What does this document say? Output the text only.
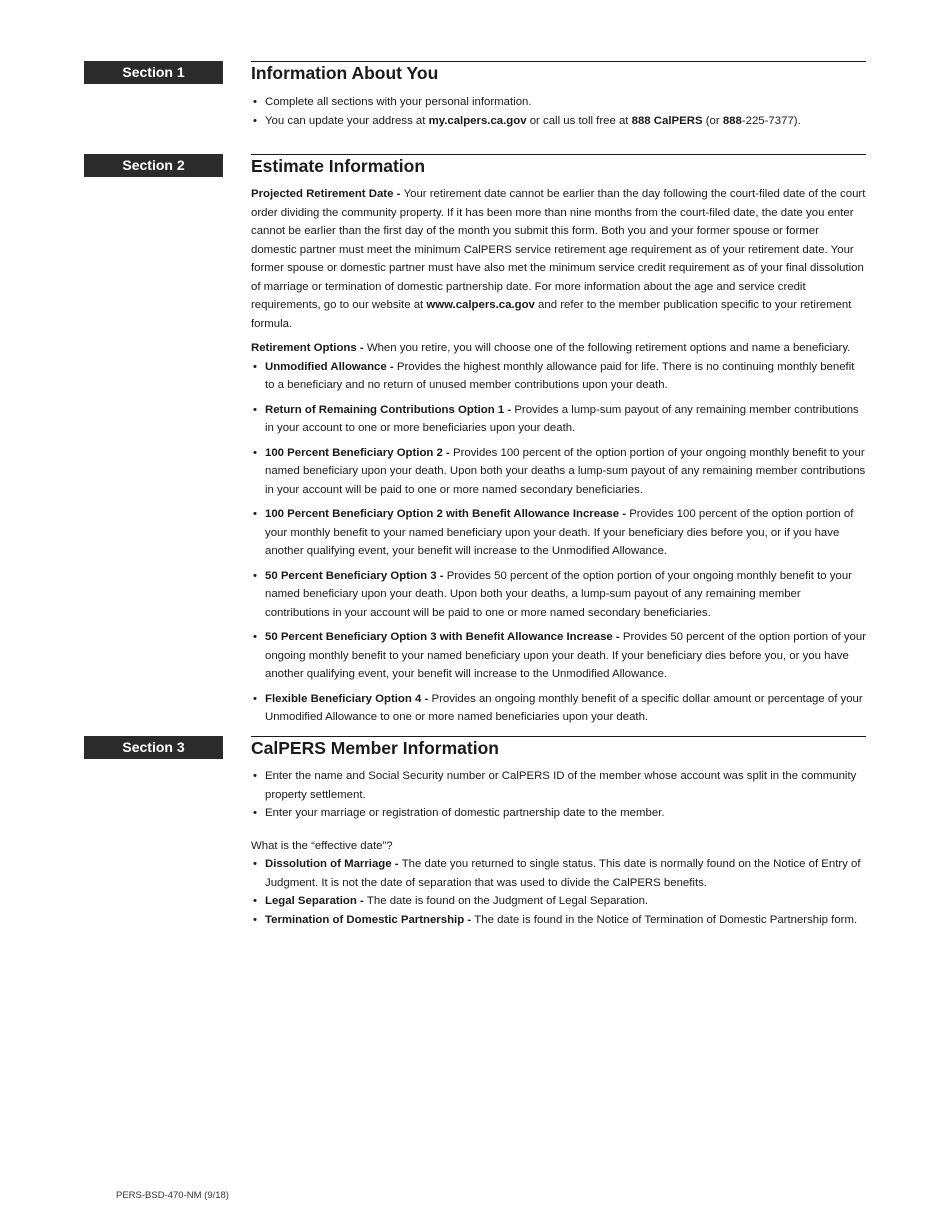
Section 1	Information About You
• Complete all sections with your personal information.
• You can update your address at my.calpers.ca.gov or call us toll free at 888 CalPERS (or 888-225-7377).
Section 2	Estimate Information

Projected Retirement Date - Your retirement date cannot be earlier than the day following the court-filed date of the court order dividing the community property. If it has been more than nine months from the court-filed date, the date you enter cannot be earlier than the first day of the month you submit this form. Both you and your former spouse or former domestic partner must meet the minimum CalPERS service retirement age requirement as of your retirement date. Your former spouse or domestic partner must have also met the minimum service credit requirement as of your final dissolution of marriage or termination of domestic partnership date. For more information about the age and service credit requirements, go to our website at www.calpers.ca.gov and refer to the member publication specific to your retirement formula.

Retirement Options - When you retire, you will choose one of the following retirement options and name a beneficiary.

• Unmodified Allowance - Provides the highest monthly allowance paid for life. There is no continuing monthly benefit to a beneficiary and no return of unused member contributions upon your death.
• Return of Remaining Contributions Option 1 - Provides a lump-sum payout of any remaining member contributions in your account to one or more beneficiaries upon your death.
• 100 Percent Beneficiary Option 2 - Provides 100 percent of the option portion of your ongoing monthly benefit to your named beneficiary upon your death. Upon both your deaths a lump-sum payout of any remaining member contributions in your account will be paid to one or more named secondary beneficiaries.
• 100 Percent Beneficiary Option 2 with Benefit Allowance Increase - Provides 100 percent of the option portion of your monthly benefit to your named beneficiary upon your death. If your beneficiary dies before you, or if you have another qualifying event, your benefit will increase to the Unmodified Allowance.
• 50 Percent Beneficiary Option 3 - Provides 50 percent of the option portion of your ongoing monthly benefit to your named beneficiary upon your death. Upon both your deaths, a lump-sum payout of any remaining member contributions in your account will be paid to one or more named secondary beneficiaries.
• 50 Percent Beneficiary Option 3 with Benefit Allowance Increase - Provides 50 percent of the option portion of your ongoing monthly benefit to your named beneficiary upon your death. If your beneficiary dies before you, or you have another qualifying event, your benefit will increase to the Unmodified Allowance.
• Flexible Beneficiary Option 4 - Provides an ongoing monthly benefit of a specific dollar amount or percentage of your Unmodified Allowance to one or more named beneficiaries upon your death.
Section 3	CalPERS Member Information
• Enter the name and Social Security number or CalPERS ID of the member whose account was split in the community property settlement.
• Enter your marriage or registration of domestic partnership date to the member.

What is the “effective date”?

• Dissolution of Marriage - The date you returned to single status. This date is normally found on the Notice of Entry of Judgment. It is not the date of separation that was used to divide the CalPERS benefits.
• Legal Separation - The date is found on the Judgment of Legal Separation.
• Termination of Domestic Partnership - The date is found in the Notice of Termination of Domestic Partnership form.
PERS-BSD-470-NM (9/18)
